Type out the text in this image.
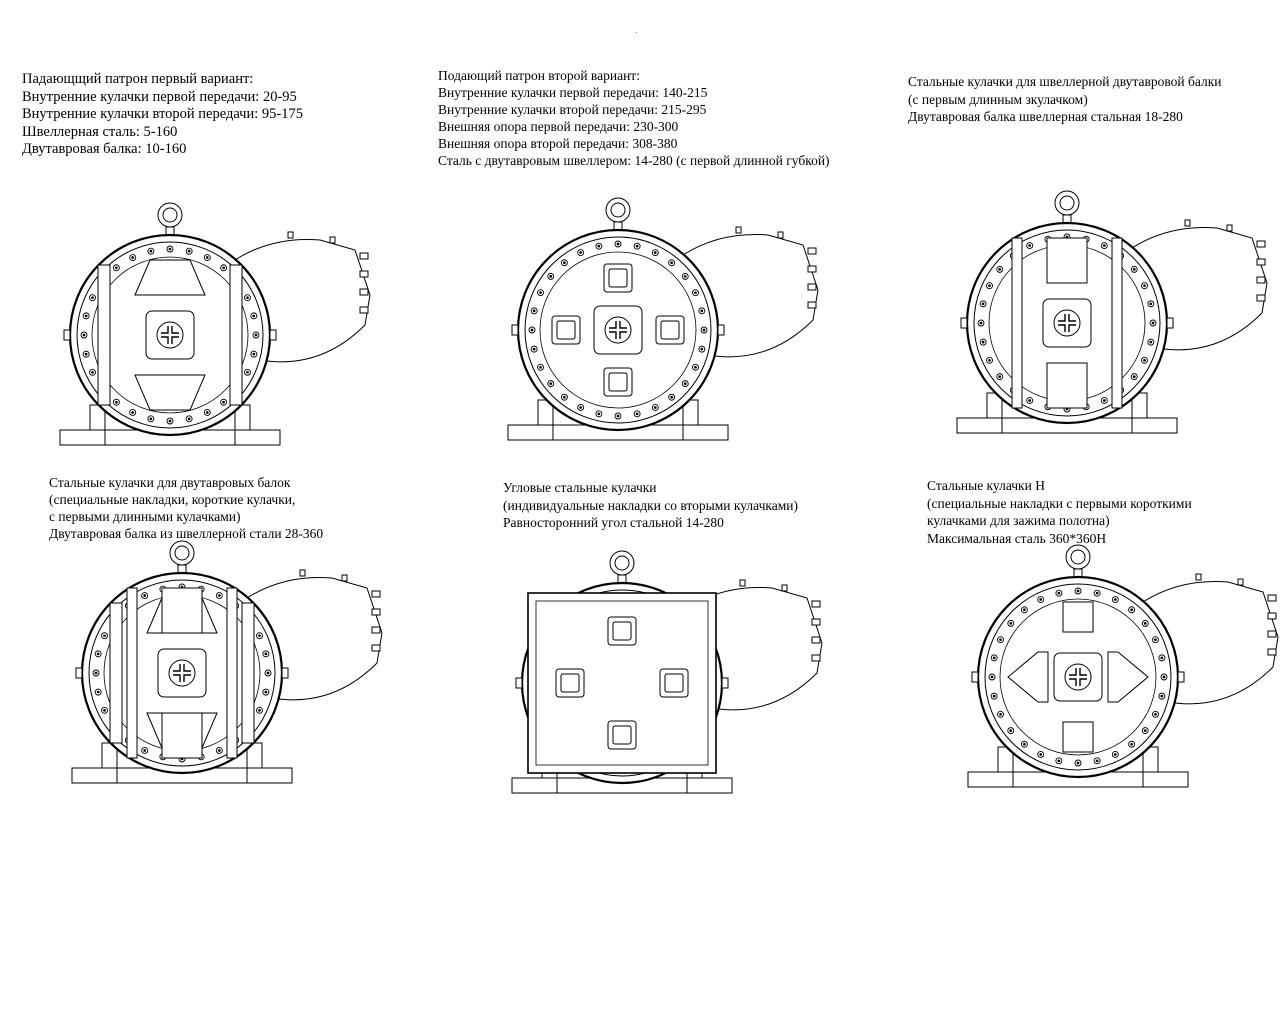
Падающщий патрон первый вариант:
Внутренние кулачки первой передачи: 20-95
Внутренние кулачки второй передачи: 95-175
Швеллерная сталь: 5-160
Двутавровая балка: 10-160
Подающий патрон второй вариант:
Внутренние кулачки первой передачи: 140-215
Внутренние кулачки второй передачи: 215-295
Внешняя опора первой передачи: 230-300
Внешняя опора второй передачи: 308-380
Сталь с двутавровым швеллером: 14-280 (с первой длинной губкой)
Стальные кулачки для швеллерной двутавровой балки
(с первым длинным зкулачком)
Двутавровая балка швеллерная стальная 18-280
Стальные кулачки для двутавровых балок
(специальные накладки, короткие кулачки,
с первыми длинными кулачками)
Двутавровая балка из швеллерной стали 28-360
Угловые стальные кулачки
(индивидуальные накладки со вторыми кулачками)
Равносторонний угол стальной 14-280
Стальные кулачки H
(специальные накладки с первыми короткими
кулачками для зажима полотна)
Максимальная сталь 360*360H
